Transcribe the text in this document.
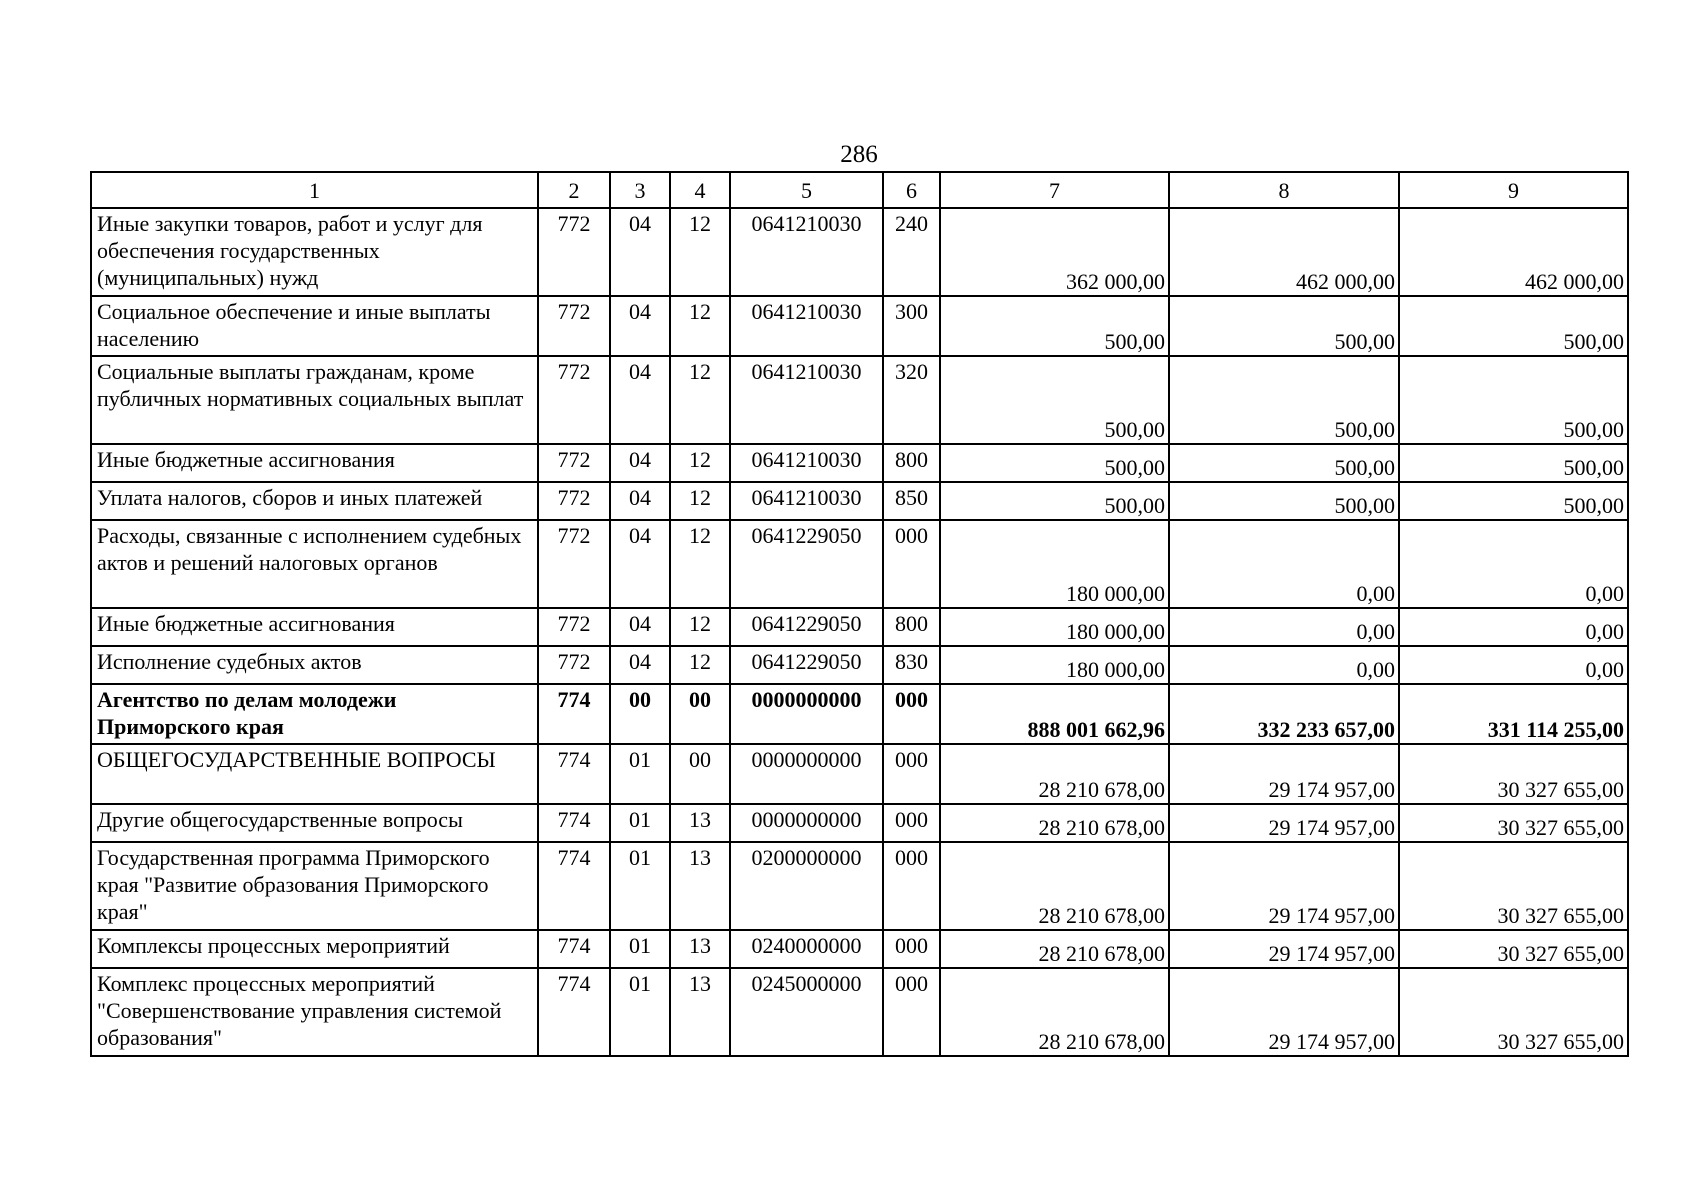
286
1	2	3	4	5	6	7	8	9
Иные закупки товаров, работ и услуг для обеспечения государственных (муниципальных) нужд	772	04	12	0641210030	240	362 000,00	462 000,00	462 000,00
Социальное обеспечение и иные выплаты населению	772	04	12	0641210030	300	500,00	500,00	500,00
Социальные выплаты гражданам, кроме публичных нормативных социальных выплат	772	04	12	0641210030	320	500,00	500,00	500,00
Иные бюджетные ассигнования	772	04	12	0641210030	800	500,00	500,00	500,00
Уплата налогов, сборов и иных платежей	772	04	12	0641210030	850	500,00	500,00	500,00
Расходы, связанные с исполнением судебных актов и решений налоговых органов	772	04	12	0641229050	000	180 000,00	0,00	0,00
Иные бюджетные ассигнования	772	04	12	0641229050	800	180 000,00	0,00	0,00
Исполнение судебных актов	772	04	12	0641229050	830	180 000,00	0,00	0,00
Агентство по делам молодежи Приморского края	774	00	00	0000000000	000	888 001 662,96	332 233 657,00	331 114 255,00
ОБЩЕГОСУДАРСТВЕННЫЕ ВОПРОСЫ	774	01	00	0000000000	000	28 210 678,00	29 174 957,00	30 327 655,00
Другие общегосударственные вопросы	774	01	13	0000000000	000	28 210 678,00	29 174 957,00	30 327 655,00
Государственная программа Приморского края "Развитие образования Приморского края"	774	01	13	0200000000	000	28 210 678,00	29 174 957,00	30 327 655,00
Комплексы процессных мероприятий	774	01	13	0240000000	000	28 210 678,00	29 174 957,00	30 327 655,00
Комплекс процессных мероприятий "Совершенствование управления системой образования"	774	01	13	0245000000	000	28 210 678,00	29 174 957,00	30 327 655,00
